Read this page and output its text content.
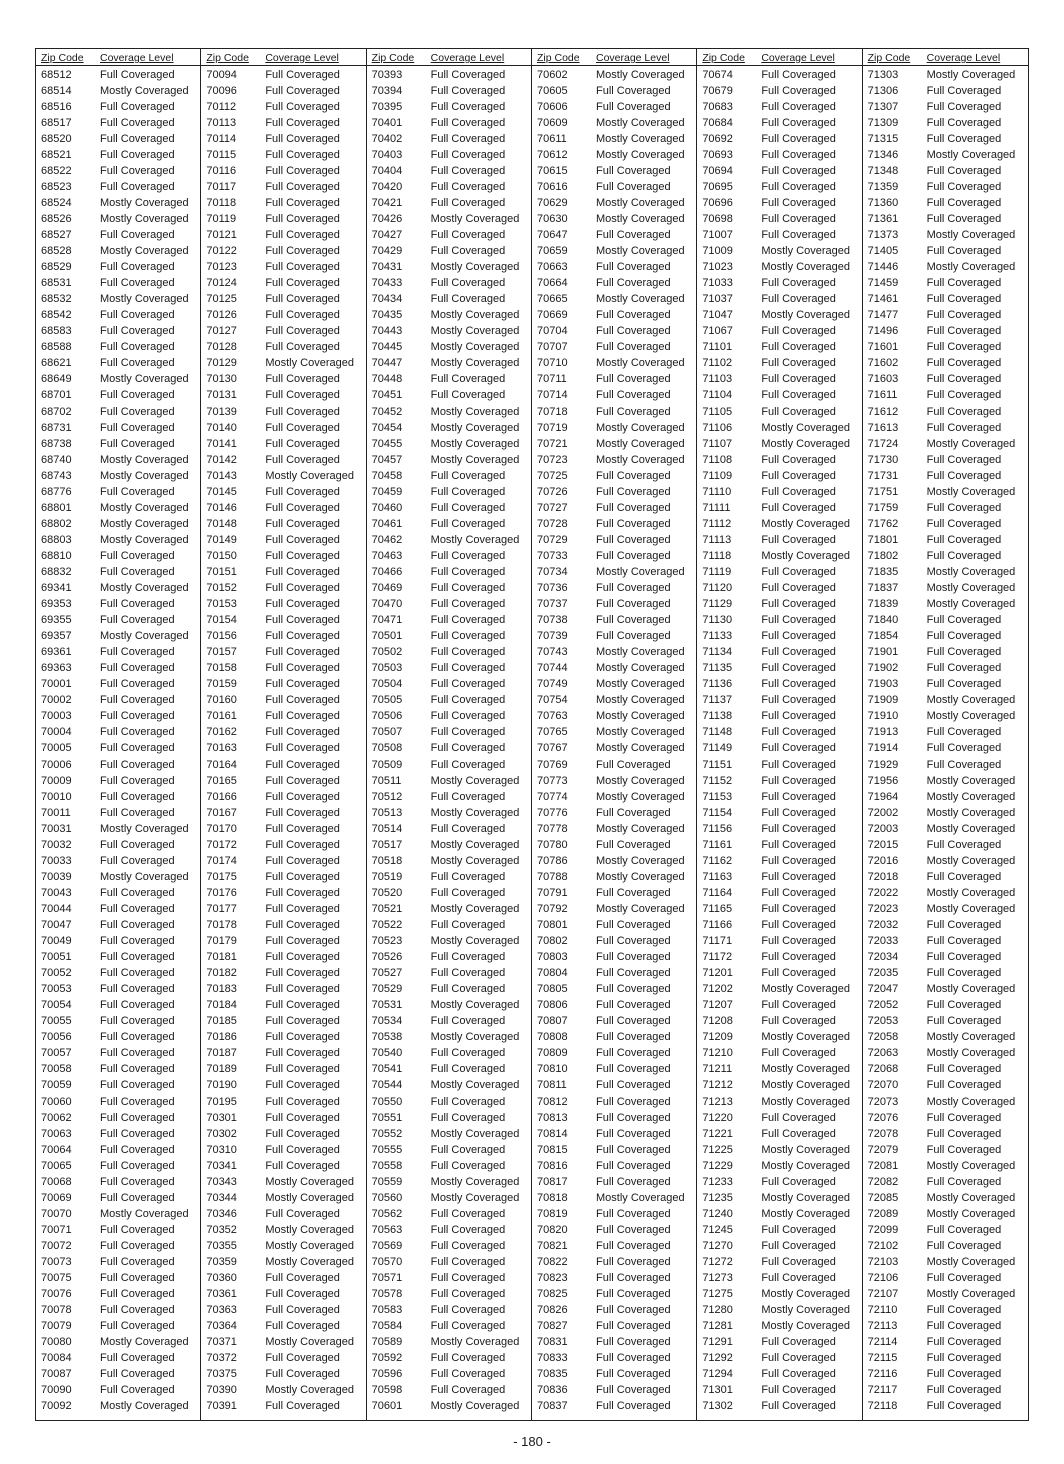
Zip Code	Coverage Level
68512	Full Coveraged
68514	Mostly Coveraged
68516	Full Coveraged
68517	Full Coveraged
68520	Full Coveraged
68521	Full Coveraged
68522	Full Coveraged
68523	Full Coveraged
68524	Mostly Coveraged
68526	Mostly Coveraged
68527	Full Coveraged
68528	Mostly Coveraged
68529	Full Coveraged
68531	Full Coveraged
68532	Mostly Coveraged
68542	Full Coveraged
68583	Full Coveraged
68588	Full Coveraged
68621	Full Coveraged
68649	Mostly Coveraged
68701	Full Coveraged
68702	Full Coveraged
68731	Full Coveraged
68738	Full Coveraged
68740	Mostly Coveraged
68743	Mostly Coveraged
68776	Full Coveraged
68801	Mostly Coveraged
68802	Mostly Coveraged
68803	Mostly Coveraged
68810	Full Coveraged
68832	Full Coveraged
69341	Mostly Coveraged
69353	Full Coveraged
69355	Full Coveraged
69357	Mostly Coveraged
69361	Full Coveraged
69363	Full Coveraged
70001	Full Coveraged
70002	Full Coveraged
70003	Full Coveraged
70004	Full Coveraged
70005	Full Coveraged
70006	Full Coveraged
70009	Full Coveraged
70010	Full Coveraged
70011	Full Coveraged
70031	Mostly Coveraged
70032	Full Coveraged
70033	Full Coveraged
70039	Mostly Coveraged
70043	Full Coveraged
70044	Full Coveraged
70047	Full Coveraged
70049	Full Coveraged
70051	Full Coveraged
70052	Full Coveraged
70053	Full Coveraged
70054	Full Coveraged
70055	Full Coveraged
70056	Full Coveraged
70057	Full Coveraged
70058	Full Coveraged
70059	Full Coveraged
70060	Full Coveraged
70062	Full Coveraged
70063	Full Coveraged
70064	Full Coveraged
70065	Full Coveraged
70068	Full Coveraged
70069	Full Coveraged
70070	Mostly Coveraged
70071	Full Coveraged
70072	Full Coveraged
70073	Full Coveraged
70075	Full Coveraged
70076	Full Coveraged
70078	Full Coveraged
70079	Full Coveraged
70080	Mostly Coveraged
70084	Full Coveraged
70087	Full Coveraged
70090	Full Coveraged
70092	Mostly Coveraged
Zip Code	Coverage Level
70094	Full Coveraged
70096	Full Coveraged
70112	Full Coveraged
70113	Full Coveraged
70114	Full Coveraged
70115	Full Coveraged
70116	Full Coveraged
70117	Full Coveraged
70118	Full Coveraged
70119	Full Coveraged
70121	Full Coveraged
70122	Full Coveraged
70123	Full Coveraged
70124	Full Coveraged
70125	Full Coveraged
70126	Full Coveraged
70127	Full Coveraged
70128	Full Coveraged
70129	Mostly Coveraged
70130	Full Coveraged
70131	Full Coveraged
70139	Full Coveraged
70140	Full Coveraged
70141	Full Coveraged
70142	Full Coveraged
70143	Mostly Coveraged
70145	Full Coveraged
70146	Full Coveraged
70148	Full Coveraged
70149	Full Coveraged
70150	Full Coveraged
70151	Full Coveraged
70152	Full Coveraged
70153	Full Coveraged
70154	Full Coveraged
70156	Full Coveraged
70157	Full Coveraged
70158	Full Coveraged
70159	Full Coveraged
70160	Full Coveraged
70161	Full Coveraged
70162	Full Coveraged
70163	Full Coveraged
70164	Full Coveraged
70165	Full Coveraged
70166	Full Coveraged
70167	Full Coveraged
70170	Full Coveraged
70172	Full Coveraged
70174	Full Coveraged
70175	Full Coveraged
70176	Full Coveraged
70177	Full Coveraged
70178	Full Coveraged
70179	Full Coveraged
70181	Full Coveraged
70182	Full Coveraged
70183	Full Coveraged
70184	Full Coveraged
70185	Full Coveraged
70186	Full Coveraged
70187	Full Coveraged
70189	Full Coveraged
70190	Full Coveraged
70195	Full Coveraged
70301	Full Coveraged
70302	Full Coveraged
70310	Full Coveraged
70341	Full Coveraged
70343	Mostly Coveraged
70344	Mostly Coveraged
70346	Full Coveraged
70352	Mostly Coveraged
70355	Mostly Coveraged
70359	Mostly Coveraged
70360	Full Coveraged
70361	Full Coveraged
70363	Full Coveraged
70364	Full Coveraged
70371	Mostly Coveraged
70372	Full Coveraged
70375	Full Coveraged
70390	Mostly Coveraged
70391	Full Coveraged
Zip Code	Coverage Level
70393	Full Coveraged
70394	Full Coveraged
70395	Full Coveraged
70401	Full Coveraged
70402	Full Coveraged
70403	Full Coveraged
70404	Full Coveraged
70420	Full Coveraged
70421	Full Coveraged
70426	Mostly Coveraged
70427	Full Coveraged
70429	Full Coveraged
70431	Mostly Coveraged
70433	Full Coveraged
70434	Full Coveraged
70435	Mostly Coveraged
70443	Mostly Coveraged
70445	Mostly Coveraged
70447	Mostly Coveraged
70448	Full Coveraged
70451	Full Coveraged
70452	Mostly Coveraged
70454	Mostly Coveraged
70455	Mostly Coveraged
70457	Mostly Coveraged
70458	Full Coveraged
70459	Full Coveraged
70460	Full Coveraged
70461	Full Coveraged
70462	Mostly Coveraged
70463	Full Coveraged
70466	Full Coveraged
70469	Full Coveraged
70470	Full Coveraged
70471	Full Coveraged
70501	Full Coveraged
70502	Full Coveraged
70503	Full Coveraged
70504	Full Coveraged
70505	Full Coveraged
70506	Full Coveraged
70507	Full Coveraged
70508	Full Coveraged
70509	Full Coveraged
70511	Mostly Coveraged
70512	Full Coveraged
70513	Mostly Coveraged
70514	Full Coveraged
70517	Mostly Coveraged
70518	Mostly Coveraged
70519	Full Coveraged
70520	Full Coveraged
70521	Mostly Coveraged
70522	Full Coveraged
70523	Mostly Coveraged
70526	Full Coveraged
70527	Full Coveraged
70529	Full Coveraged
70531	Mostly Coveraged
70534	Full Coveraged
70538	Mostly Coveraged
70540	Full Coveraged
70541	Full Coveraged
70544	Mostly Coveraged
70550	Full Coveraged
70551	Full Coveraged
70552	Mostly Coveraged
70555	Full Coveraged
70558	Full Coveraged
70559	Mostly Coveraged
70560	Mostly Coveraged
70562	Full Coveraged
70563	Full Coveraged
70569	Full Coveraged
70570	Full Coveraged
70571	Full Coveraged
70578	Full Coveraged
70583	Full Coveraged
70584	Full Coveraged
70589	Mostly Coveraged
70592	Full Coveraged
70596	Full Coveraged
70598	Full Coveraged
70601	Mostly Coveraged
Zip Code	Coverage Level
70602	Mostly Coveraged
70605	Full Coveraged
70606	Full Coveraged
70609	Mostly Coveraged
70611	Mostly Coveraged
70612	Mostly Coveraged
70615	Full Coveraged
70616	Full Coveraged
70629	Mostly Coveraged
70630	Mostly Coveraged
70647	Full Coveraged
70659	Mostly Coveraged
70663	Full Coveraged
70664	Full Coveraged
70665	Mostly Coveraged
70669	Full Coveraged
70704	Full Coveraged
70707	Full Coveraged
70710	Mostly Coveraged
70711	Full Coveraged
70714	Full Coveraged
70718	Full Coveraged
70719	Mostly Coveraged
70721	Mostly Coveraged
70723	Mostly Coveraged
70725	Full Coveraged
70726	Full Coveraged
70727	Full Coveraged
70728	Full Coveraged
70729	Full Coveraged
70733	Full Coveraged
70734	Mostly Coveraged
70736	Full Coveraged
70737	Full Coveraged
70738	Full Coveraged
70739	Full Coveraged
70743	Mostly Coveraged
70744	Mostly Coveraged
70749	Mostly Coveraged
70754	Mostly Coveraged
70763	Mostly Coveraged
70765	Mostly Coveraged
70767	Mostly Coveraged
70769	Full Coveraged
70773	Mostly Coveraged
70774	Mostly Coveraged
70776	Full Coveraged
70778	Mostly Coveraged
70780	Full Coveraged
70786	Mostly Coveraged
70788	Mostly Coveraged
70791	Full Coveraged
70792	Mostly Coveraged
70801	Full Coveraged
70802	Full Coveraged
70803	Full Coveraged
70804	Full Coveraged
70805	Full Coveraged
70806	Full Coveraged
70807	Full Coveraged
70808	Full Coveraged
70809	Full Coveraged
70810	Full Coveraged
70811	Full Coveraged
70812	Full Coveraged
70813	Full Coveraged
70814	Full Coveraged
70815	Full Coveraged
70816	Full Coveraged
70817	Full Coveraged
70818	Mostly Coveraged
70819	Full Coveraged
70820	Full Coveraged
70821	Full Coveraged
70822	Full Coveraged
70823	Full Coveraged
70825	Full Coveraged
70826	Full Coveraged
70827	Full Coveraged
70831	Full Coveraged
70833	Full Coveraged
70835	Full Coveraged
70836	Full Coveraged
70837	Full Coveraged
Zip Code	Coverage Level
70674	Full Coveraged
70679	Full Coveraged
70683	Full Coveraged
70684	Full Coveraged
70692	Full Coveraged
70693	Full Coveraged
70694	Full Coveraged
70695	Full Coveraged
70696	Full Coveraged
70698	Full Coveraged
71007	Full Coveraged
71009	Mostly Coveraged
71023	Mostly Coveraged
71033	Full Coveraged
71037	Full Coveraged
71047	Mostly Coveraged
71067	Full Coveraged
71101	Full Coveraged
71102	Full Coveraged
71103	Full Coveraged
71104	Full Coveraged
71105	Full Coveraged
71106	Mostly Coveraged
71107	Mostly Coveraged
71108	Full Coveraged
71109	Full Coveraged
71110	Full Coveraged
71111	Full Coveraged
71112	Mostly Coveraged
71113	Full Coveraged
71118	Mostly Coveraged
71119	Full Coveraged
71120	Full Coveraged
71129	Full Coveraged
71130	Full Coveraged
71133	Full Coveraged
71134	Full Coveraged
71135	Full Coveraged
71136	Full Coveraged
71137	Full Coveraged
71138	Full Coveraged
71148	Full Coveraged
71149	Full Coveraged
71151	Full Coveraged
71152	Full Coveraged
71153	Full Coveraged
71154	Full Coveraged
71156	Full Coveraged
71161	Full Coveraged
71162	Full Coveraged
71163	Full Coveraged
71164	Full Coveraged
71165	Full Coveraged
71166	Full Coveraged
71171	Full Coveraged
71172	Full Coveraged
71201	Full Coveraged
71202	Mostly Coveraged
71207	Full Coveraged
71208	Full Coveraged
71209	Mostly Coveraged
71210	Full Coveraged
71211	Mostly Coveraged
71212	Mostly Coveraged
71213	Mostly Coveraged
71220	Full Coveraged
71221	Full Coveraged
71225	Mostly Coveraged
71229	Mostly Coveraged
71233	Full Coveraged
71235	Mostly Coveraged
71240	Mostly Coveraged
71245	Full Coveraged
71270	Full Coveraged
71272	Full Coveraged
71273	Full Coveraged
71275	Mostly Coveraged
71280	Mostly Coveraged
71281	Mostly Coveraged
71291	Full Coveraged
71292	Full Coveraged
71294	Full Coveraged
71301	Full Coveraged
71302	Full Coveraged
Zip Code	Coverage Level
71303	Mostly Coveraged
71306	Full Coveraged
71307	Full Coveraged
71309	Full Coveraged
71315	Full Coveraged
71346	Mostly Coveraged
71348	Full Coveraged
71359	Full Coveraged
71360	Full Coveraged
71361	Full Coveraged
71373	Mostly Coveraged
71405	Full Coveraged
71446	Mostly Coveraged
71459	Full Coveraged
71461	Full Coveraged
71477	Full Coveraged
71496	Full Coveraged
71601	Full Coveraged
71602	Full Coveraged
71603	Full Coveraged
71611	Full Coveraged
71612	Full Coveraged
71613	Full Coveraged
71724	Mostly Coveraged
71730	Full Coveraged
71731	Full Coveraged
71751	Mostly Coveraged
71759	Full Coveraged
71762	Full Coveraged
71801	Full Coveraged
71802	Full Coveraged
71835	Mostly Coveraged
71837	Mostly Coveraged
71839	Mostly Coveraged
71840	Full Coveraged
71854	Full Coveraged
71901	Full Coveraged
71902	Full Coveraged
71903	Full Coveraged
71909	Mostly Coveraged
71910	Mostly Coveraged
71913	Full Coveraged
71914	Full Coveraged
71929	Full Coveraged
71956	Mostly Coveraged
71964	Mostly Coveraged
72002	Mostly Coveraged
72003	Mostly Coveraged
72015	Full Coveraged
72016	Mostly Coveraged
72018	Full Coveraged
72022	Mostly Coveraged
72023	Mostly Coveraged
72032	Full Coveraged
72033	Full Coveraged
72034	Full Coveraged
72035	Full Coveraged
72047	Mostly Coveraged
72052	Full Coveraged
72053	Full Coveraged
72058	Mostly Coveraged
72063	Mostly Coveraged
72068	Full Coveraged
72070	Full Coveraged
72073	Mostly Coveraged
72076	Full Coveraged
72078	Full Coveraged
72079	Full Coveraged
72081	Mostly Coveraged
72082	Full Coveraged
72085	Mostly Coveraged
72089	Mostly Coveraged
72099	Full Coveraged
72102	Full Coveraged
72103	Mostly Coveraged
72106	Full Coveraged
72107	Mostly Coveraged
72110	Full Coveraged
72113	Full Coveraged
72114	Full Coveraged
72115	Full Coveraged
72116	Full Coveraged
72117	Full Coveraged
72118	Full Coveraged
- 180 -
